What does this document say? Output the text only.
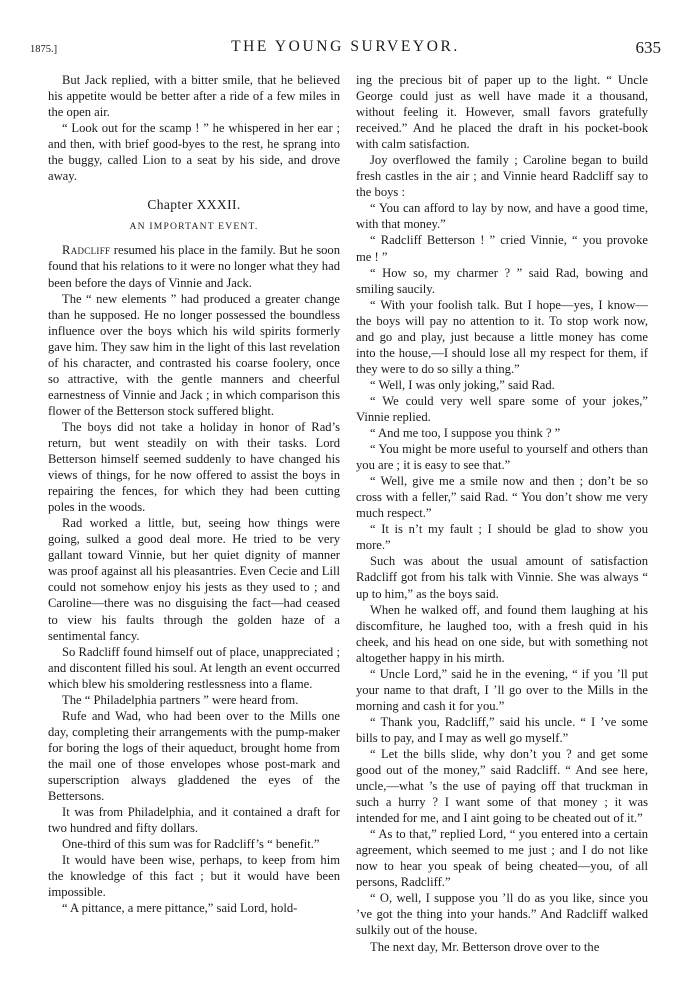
1875.]	THE YOUNG SURVEYOR.	635

But Jack replied, with a bitter smile, that he believed his appetite would be better after a ride of a few miles in the open air.

“ Look out for the scamp ! ” he whispered in her ear ; and then, with brief good-byes to the rest, he sprang into the buggy, called Lion to a seat by his side, and drove away.

Chapter XXXII.
AN IMPORTANT EVENT.

Radcliff resumed his place in the family. But he soon found that his relations to it were no longer what they had been before the days of Vinnie and Jack.

The “ new elements ” had produced a greater change than he supposed. He no longer possessed the boundless influence over the boys which his wild spirits formerly gave him. They saw him in the light of this last revelation of his character, and contrasted his coarse foolery, once so attractive, with the gentle manners and cheerful earnestness of Vinnie and Jack ; in which comparison this flower of the Betterson stock suffered blight.

The boys did not take a holiday in honor of Rad’s return, but went steadily on with their tasks. Lord Betterson himself seemed suddenly to have changed his views of things, for he now offered to assist the boys in repairing the fences, for which they had been cutting poles in the woods.

Rad worked a little, but, seeing how things were going, sulked a good deal more. He tried to be very gallant toward Vinnie, but her quiet dignity of manner was proof against all his pleasantries. Even Cecie and Lill could not somehow enjoy his jests as they used to ; and Caroline—there was no disguising the fact—had ceased to view his faults through the golden haze of a sentimental fancy.

So Radcliff found himself out of place, unappreciated ; and discontent filled his soul. At length an event occurred which blew his smoldering restlessness into a flame.

The “ Philadelphia partners ” were heard from.

Rufe and Wad, who had been over to the Mills one day, completing their arrangements with the pump-maker for boring the logs of their aqueduct, brought home from the mail one of those envelopes whose post-mark and superscription always gladdened the eyes of the Bettersons.

It was from Philadelphia, and it contained a draft for two hundred and fifty dollars.

One-third of this sum was for Radcliff’s “ benefit.”

It would have been wise, perhaps, to keep from him the knowledge of this fact ; but it would have been impossible.

“ A pittance, a mere pittance,” said Lord, hold-

ing the precious bit of paper up to the light. “ Uncle George could just as well have made it a thousand, without feeling it. However, small favors gratefully received.” And he placed the draft in his pocket-book with calm satisfaction.

Joy overflowed the family ; Caroline began to build fresh castles in the air ; and Vinnie heard Radcliff say to the boys :

“ You can afford to lay by now, and have a good time, with that money.”

“ Radcliff Betterson ! ” cried Vinnie, “ you provoke me ! ”

“ How so, my charmer ? ” said Rad, bowing and smiling saucily.

“ With your foolish talk. But I hope—yes, I know—the boys will pay no attention to it. To stop work now, and go and play, just because a little money has come into the house,—I should lose all my respect for them, if they were to do so silly a thing.”

“ Well, I was only joking,” said Rad.

“ We could very well spare some of your jokes,” Vinnie replied.

“ And me too, I suppose you think ? ”

“ You might be more useful to yourself and others than you are ; it is easy to see that.”

“ Well, give me a smile now and then ; don’t be so cross with a feller,” said Rad. “ You don’t show me very much respect.”

“ It is n’t my fault ; I should be glad to show you more.”

Such was about the usual amount of satisfaction Radcliff got from his talk with Vinnie. She was always “ up to him,” as the boys said.

When he walked off, and found them laughing at his discomfiture, he laughed too, with a fresh quid in his cheek, and his head on one side, but with something not altogether happy in his mirth.

“ Uncle Lord,” said he in the evening, “ if you ’ll put your name to that draft, I ’ll go over to the Mills in the morning and cash it for you.”

“ Thank you, Radcliff,” said his uncle. “ I ’ve some bills to pay, and I may as well go myself.”

“ Let the bills slide, why don’t you ? and get some good out of the money,” said Radcliff. “ And see here, uncle,—what ’s the use of paying off that truckman in such a hurry ? I want some of that money ; it was intended for me, and I aint going to be cheated out of it.”

“ As to that,” replied Lord, “ you entered into a certain agreement, which seemed to me just ; and I do not like now to hear you speak of being cheated—you, of all persons, Radcliff.”

“ O, well, I suppose you ’ll do as you like, since you ’ve got the thing into your hands.” And Radcliff walked sulkily out of the house.

The next day, Mr. Betterson drove over to the
